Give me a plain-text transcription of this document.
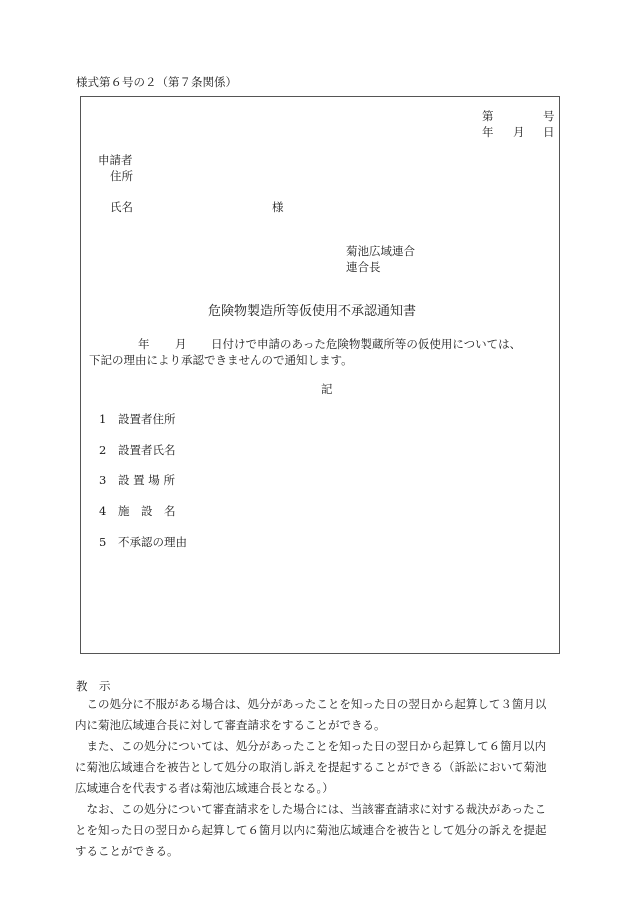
様式第６号の２（第７条関係）
第	号
年 月 日
申請者
住所
氏名	様
菊池広域連合
連合長
危険物製造所等仮使用不承認通知書
年 月 日付けで申請のあった危険物製蔵所等の仮使用については、
下記の理由により承認できませんので通知します。
記
1 設置者住所
2 設置者氏名
3 設 置 場 所
4 施　設　名
5 不承認の理由
教　示

この処分に不服がある場合は、処分があったことを知った日の翌日から起算して３箇月以内に菊池広域連合長に対して審査請求をすることができる。

また、この処分については、処分があったことを知った日の翌日から起算して６箇月以内に菊池広域連合を被告として処分の取消し訴えを提起することができる（訴訟において菊池広域連合を代表する者は菊池広域連合長となる。）

なお、この処分について審査請求をした場合には、当該審査請求に対する裁決があったことを知った日の翌日から起算して６箇月以内に菊池広域連合を被告として処分の訴えを提起することができる。
